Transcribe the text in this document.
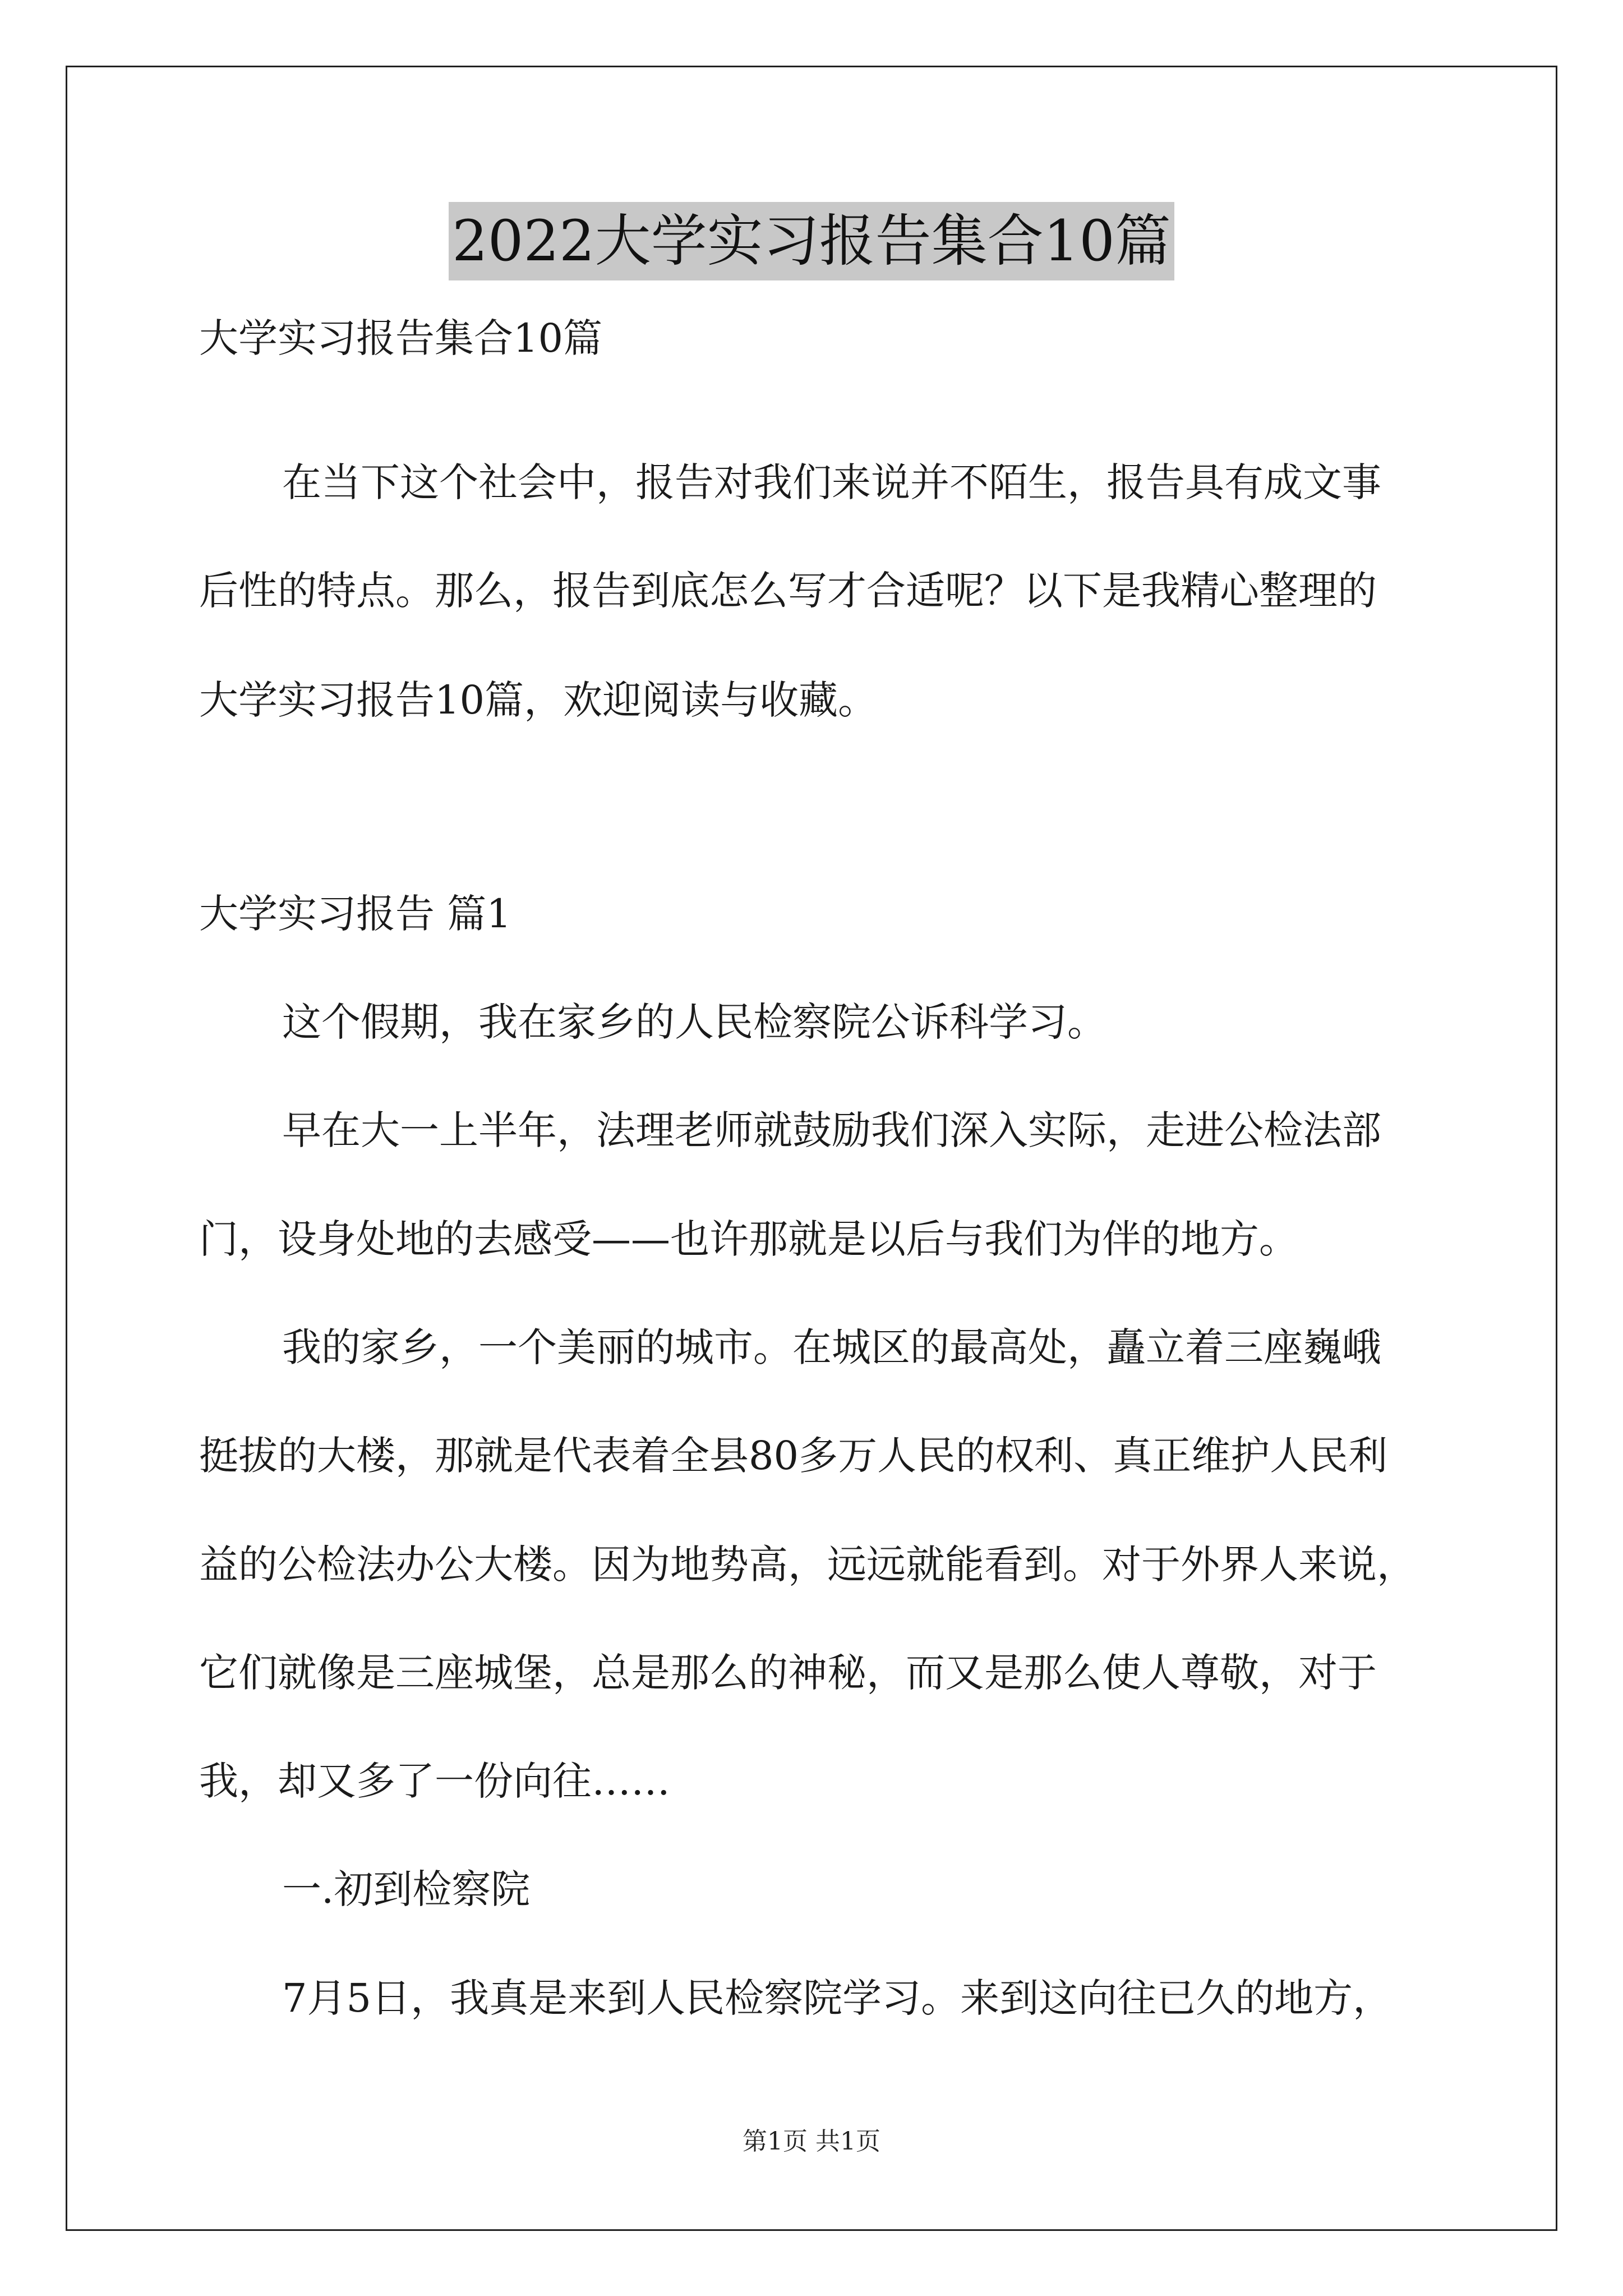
2022大学实习报告集合10篇
大学实习报告集合10篇
在当下这个社会中，报告对我们来说并不陌生，报告具有成文事
后性的特点。那么，报告到底怎么写才合适呢？以下是我精心整理的
大学实习报告10篇，欢迎阅读与收藏。
大学实习报告 篇1
这个假期，我在家乡的人民检察院公诉科学习。
早在大一上半年，法理老师就鼓励我们深入实际，走进公检法部
门，设身处地的去感受——也许那就是以后与我们为伴的地方。
我的家乡，一个美丽的城市。在城区的最高处，矗立着三座巍峨
挺拔的大楼，那就是代表着全县80多万人民的权利、真正维护人民利
益的公检法办公大楼。因为地势高，远远就能看到。对于外界人来说，
它们就像是三座城堡，总是那么的神秘，而又是那么使人尊敬，对于
我，却又多了一份向往……
一.初到检察院
7月5日，我真是来到人民检察院学习。来到这向往已久的地方，
第1页 共1页
